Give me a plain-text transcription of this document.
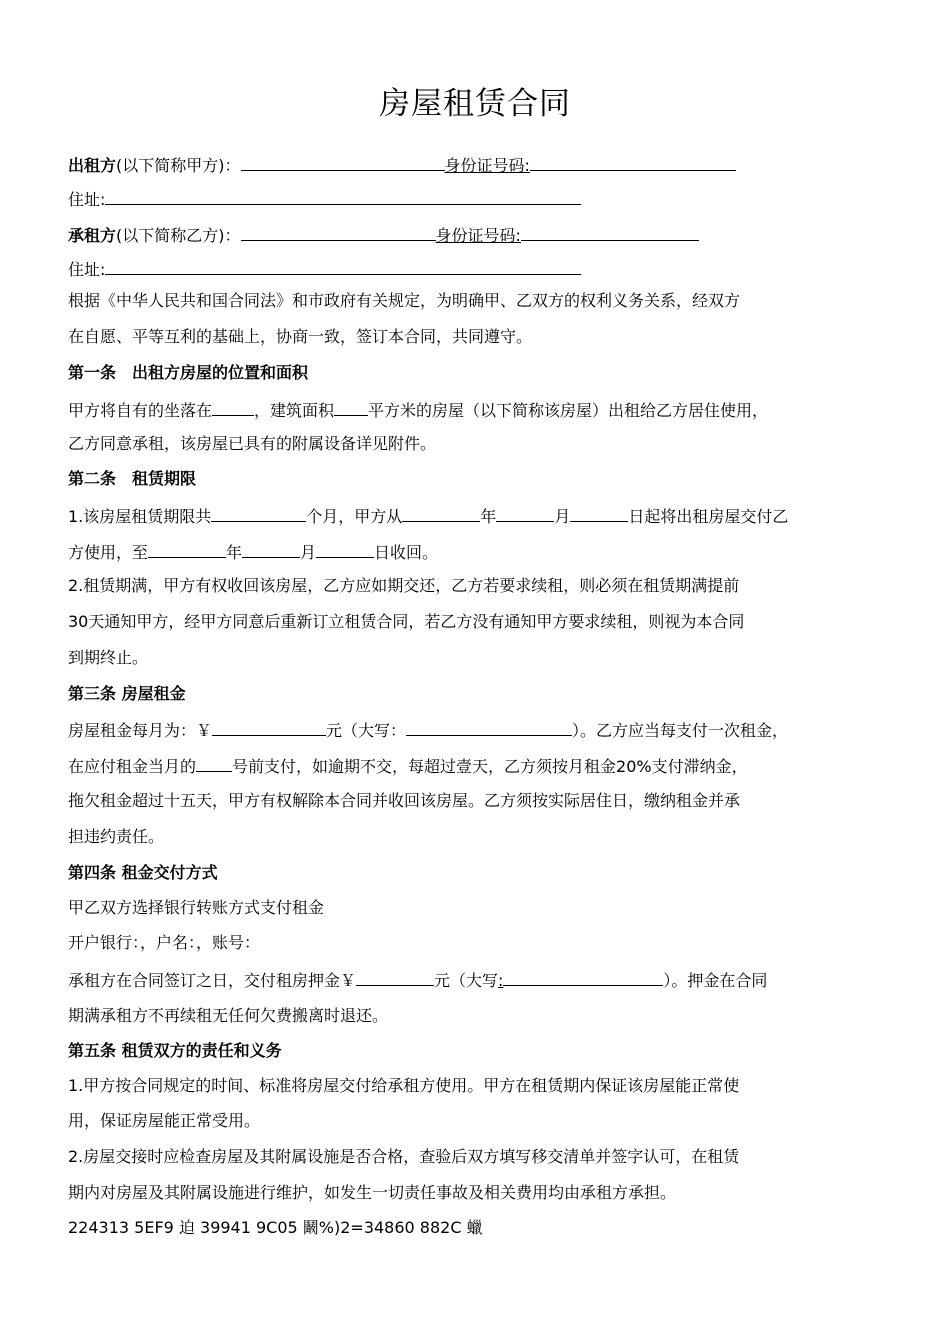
房屋租赁合同
出租方(以下简称甲方)：	身份证号码:
住址:
承租方(以下简称乙方)：	身份证号码:
住址:
根据《中华人民共和国合同法》和市政府有关规定，为明确甲、乙双方的权利义务关系，经双方
在自愿、平等互利的基础上，协商一致，签订本合同，共同遵守。
第一条　出租方房屋的位置和面积
甲方将自有的坐落在	，建筑面积 平方米的房屋（以下简称该房屋）出租给乙方居住使用，
乙方同意承租，该房屋已具有的附属设备详见附件。
第二条　租赁期限
1.该房屋租赁期限共	个月，甲方从	年	月	日起将出租房屋交付乙
方使用，至	年	月	日收回。
2.租赁期满，甲方有权收回该房屋，乙方应如期交还，乙方若要求续租，则必须在租赁期满提前
30天通知甲方，经甲方同意后重新订立租赁合同，若乙方没有通知甲方要求续租，则视为本合同
到期终止。
第三条 房屋租金
房屋租金每月为：￥	元（大写：	）。乙方应当每支付一次租金，
在应付租金当月的 号前支付，如逾期不交，每超过壹天，乙方须按月租金20%支付滞纳金，
拖欠租金超过十五天，甲方有权解除本合同并收回该房屋。乙方须按实际居住日，缴纳租金并承
担违约责任。
第四条 租金交付方式
甲乙双方选择银行转账方式支付租金
开户银行：，户名：，账号：
承租方在合同签订之日，交付租房押金￥	元（大写:	）。押金在合同
期满承租方不再续租无任何欠费搬离时退还。
第五条 租赁双方的责任和义务
1.甲方按合同规定的时间、标准将房屋交付给承租方使用。甲方在租赁期内保证该房屋能正常使
用，保证房屋能正常受用。
2.房屋交接时应检查房屋及其附属设施是否合格，查验后双方填写移交清单并签字认可，在租赁
期内对房屋及其附属设施进行维护，如发生一切责任事故及相关费用均由承租方承担。
224313 5EF9 迫 39941 9C05 鬫%)2=34860 882C 蠟
